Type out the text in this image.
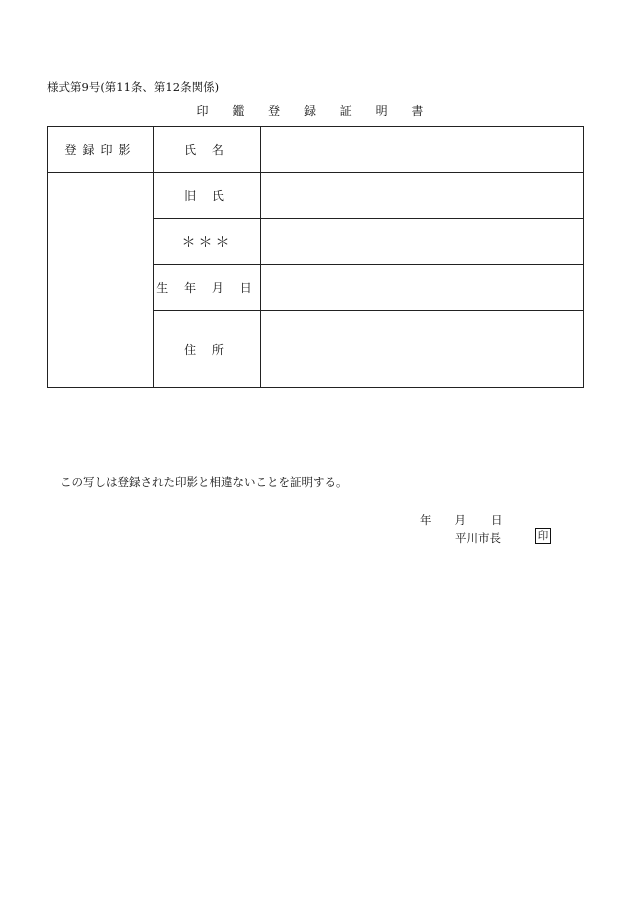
様式第9号(第11条、第12条関係)
印 鑑 登 録 証 明 書
登録印影	氏 名	
	旧 氏	
	＊＊＊	
	生 年 月 日	
	住 所	
この写しは登録された印影と相違ないことを証明する。
年 月 日
平川市長	印
